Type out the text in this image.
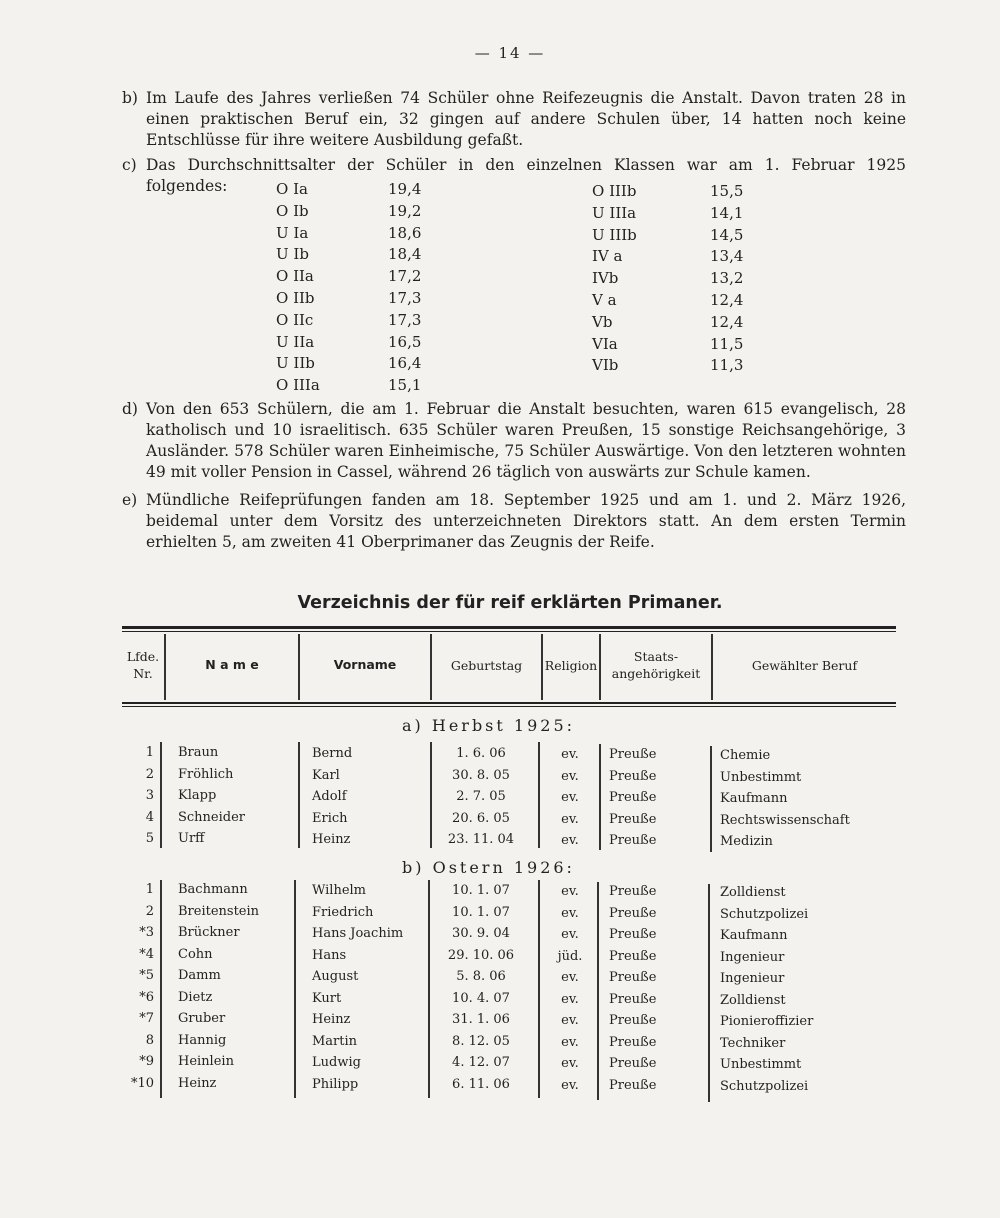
— 14 —
b) Im Laufe des Jahres verließen 74 Schüler ohne Reifezeugnis die Anstalt. Davon traten 28 in einen praktischen Beruf ein, 32 gingen auf andere Schulen über, 14 hatten noch keine Entschlüsse für ihre weitere Ausbildung gefaßt.
c) Das Durchschnittsalter der Schüler in den einzelnen Klassen war am 1. Februar 1925 folgendes:	O Ia	19,4
O Ib	19,2
U Ia	18,6
U Ib	18,4
O IIa	17,2
O IIb	17,3
O IIc	17,3
U IIa	16,5
U IIb	16,4
O IIIa	15,1
O IIIb	15,5
U IIIa	14,1
U IIIb	14,5
IV a	13,4
IVb	13,2
V a	12,4
Vb	12,4
VIa	11,5
VIb	11,3
d) Von den 653 Schülern, die am 1. Februar die Anstalt besuchten, waren 615 evangelisch, 28 katholisch und 10 israelitisch. 635 Schüler waren Preußen, 15 sonstige Reichsangehörige, 3 Ausländer. 578 Schüler waren Einheimische, 75 Schüler Auswärtige. Von den letzteren wohnten 49 mit voller Pension in Cassel, während 26 täglich von auswärts zur Schule kamen.
e) Mündliche Reifeprüfungen fanden am 18. September 1925 und am 1. und 2. März 1926, beidemal unter dem Vorsitz des unterzeichneten Direktors statt. An dem ersten Termin erhielten 5, am zweiten 41 Oberprimaner das Zeugnis der Reife.
Verzeichnis der für reif erklärten Primaner.
Lfde.
Nr.
N a m e	Vorname	Geburtstag	Religion
Staats-
angehörigkeit
Gewählter Beruf
a) Herbst 1925:
1 Braun	Bernd	1. 6. 06	ev.	Preuße	Chemie
2 Fröhlich	Karl	30. 8. 05	ev.	Preuße	Unbestimmt
3 Klapp	Adolf	2. 7. 05	ev.	Preuße	Kaufmann
4 Schneider	Erich	20. 6. 05	ev.	Preuße	Rechtswissenschaft
5 Urff	Heinz	23. 11. 04	ev.	Preuße	Medizin
b) Ostern 1926:
1 Bachmann	Wilhelm	10. 1. 07	ev.	Preuße	Zolldienst
2 Breitenstein	Friedrich	10. 1. 07	ev.	Preuße	Schutzpolizei
*3 Brückner	Hans Joachim	30. 9. 04	ev.	Preuße	Kaufmann
*4 Cohn	Hans	29. 10. 06	jüd.	Preuße	Ingenieur
*5 Damm	August	5. 8. 06	ev.	Preuße	Ingenieur
*6 Dietz	Kurt	10. 4. 07	ev.	Preuße	Zolldienst
*7 Gruber	Heinz	31. 1. 06	ev.	Preuße	Pionieroffizier
8 Hannig	Martin	8. 12. 05	ev.	Preuße	Techniker
*9 Heinlein	Ludwig	4. 12. 07	ev.	Preuße	Unbestimmt
*10 Heinz	Philipp	6. 11. 06	ev.	Preuße	Schutzpolizei
